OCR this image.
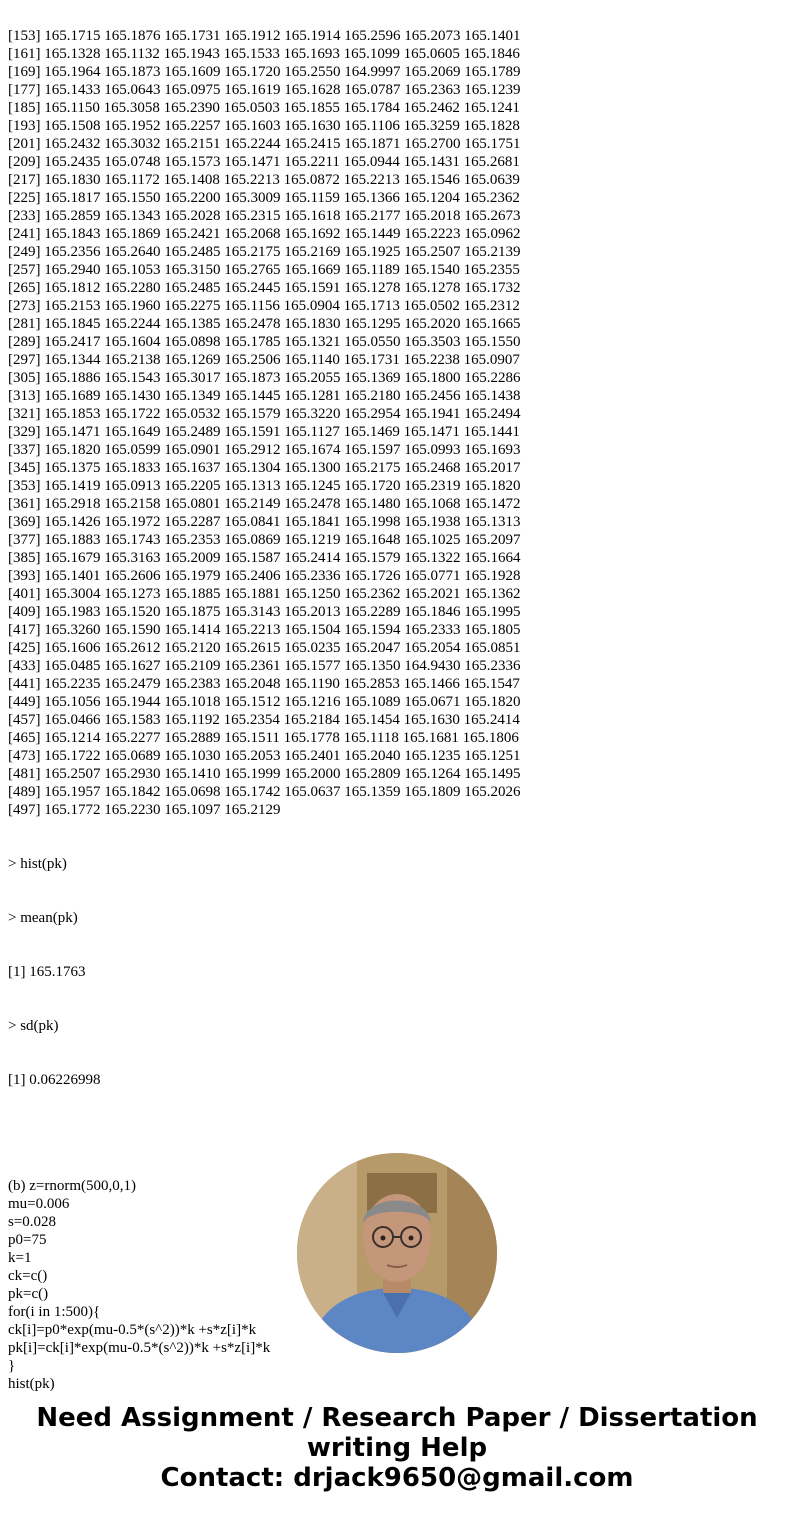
[153] 165.1715 165.1876 165.1731 165.1912 165.1914 165.2596 165.2073 165.1401
[161] 165.1328 165.1132 165.1943 165.1533 165.1693 165.1099 165.0605 165.1846
[169] 165.1964 165.1873 165.1609 165.1720 165.2550 164.9997 165.2069 165.1789
[177] 165.1433 165.0643 165.0975 165.1619 165.1628 165.0787 165.2363 165.1239
[185] 165.1150 165.3058 165.2390 165.0503 165.1855 165.1784 165.2462 165.1241
[193] 165.1508 165.1952 165.2257 165.1603 165.1630 165.1106 165.3259 165.1828
[201] 165.2432 165.3032 165.2151 165.2244 165.2415 165.1871 165.2700 165.1751
[209] 165.2435 165.0748 165.1573 165.1471 165.2211 165.0944 165.1431 165.2681
[217] 165.1830 165.1172 165.1408 165.2213 165.0872 165.2213 165.1546 165.0639
[225] 165.1817 165.1550 165.2200 165.3009 165.1159 165.1366 165.1204 165.2362
[233] 165.2859 165.1343 165.2028 165.2315 165.1618 165.2177 165.2018 165.2673
[241] 165.1843 165.1869 165.2421 165.2068 165.1692 165.1449 165.2223 165.0962
[249] 165.2356 165.2640 165.2485 165.2175 165.2169 165.1925 165.2507 165.2139
[257] 165.2940 165.1053 165.3150 165.2765 165.1669 165.1189 165.1540 165.2355
[265] 165.1812 165.2280 165.2485 165.2445 165.1591 165.1278 165.1278 165.1732
[273] 165.2153 165.1960 165.2275 165.1156 165.0904 165.1713 165.0502 165.2312
[281] 165.1845 165.2244 165.1385 165.2478 165.1830 165.1295 165.2020 165.1665
[289] 165.2417 165.1604 165.0898 165.1785 165.1321 165.0550 165.3503 165.1550
[297] 165.1344 165.2138 165.1269 165.2506 165.1140 165.1731 165.2238 165.0907
[305] 165.1886 165.1543 165.3017 165.1873 165.2055 165.1369 165.1800 165.2286
[313] 165.1689 165.1430 165.1349 165.1445 165.1281 165.2180 165.2456 165.1438
[321] 165.1853 165.1722 165.0532 165.1579 165.3220 165.2954 165.1941 165.2494
[329] 165.1471 165.1649 165.2489 165.1591 165.1127 165.1469 165.1471 165.1441
[337] 165.1820 165.0599 165.0901 165.2912 165.1674 165.1597 165.0993 165.1693
[345] 165.1375 165.1833 165.1637 165.1304 165.1300 165.2175 165.2468 165.2017
[353] 165.1419 165.0913 165.2205 165.1313 165.1245 165.1720 165.2319 165.1820
[361] 165.2918 165.2158 165.0801 165.2149 165.2478 165.1480 165.1068 165.1472
[369] 165.1426 165.1972 165.2287 165.0841 165.1841 165.1998 165.1938 165.1313
[377] 165.1883 165.1743 165.2353 165.0869 165.1219 165.1648 165.1025 165.2097
[385] 165.1679 165.3163 165.2009 165.1587 165.2414 165.1579 165.1322 165.1664
[393] 165.1401 165.2606 165.1979 165.2406 165.2336 165.1726 165.0771 165.1928
[401] 165.3004 165.1273 165.1885 165.1881 165.1250 165.2362 165.2021 165.1362
[409] 165.1983 165.1520 165.1875 165.3143 165.2013 165.2289 165.1846 165.1995
[417] 165.3260 165.1590 165.1414 165.2213 165.1504 165.1594 165.2333 165.1805
[425] 165.1606 165.2612 165.2120 165.2615 165.0235 165.2047 165.2054 165.0851
[433] 165.0485 165.1627 165.2109 165.2361 165.1577 165.1350 164.9430 165.2336
[441] 165.2235 165.2479 165.2383 165.2048 165.1190 165.2853 165.1466 165.1547
[449] 165.1056 165.1944 165.1018 165.1512 165.1216 165.1089 165.0671 165.1820
[457] 165.0466 165.1583 165.1192 165.2354 165.2184 165.1454 165.1630 165.2414
[465] 165.1214 165.2277 165.2889 165.1511 165.1778 165.1118 165.1681 165.1806
[473] 165.1722 165.0689 165.1030 165.2053 165.2401 165.2040 165.1235 165.1251
[481] 165.2507 165.2930 165.1410 165.1999 165.2000 165.2809 165.1264 165.1495
[489] 165.1957 165.1842 165.0698 165.1742 165.0637 165.1359 165.1809 165.2026
[497] 165.1772 165.2230 165.1097 165.2129

> hist(pk)

> mean(pk)

[1] 165.1763

> sd(pk)

[1] 0.06226998

(b) z=rnorm(500,0,1)
mu=0.006
s=0.028
p0=75
k=1
ck=c()
pk=c()
for(i in 1:500){
ck[i]=p0*exp(mu-0.5*(s^2))*k +s*z[i]*k
pk[i]=ck[i]*exp(mu-0.5*(s^2))*k +s*z[i]*k
}
hist(pk)

Need Assignment / Research Paper / Dissertation
writing Help
Contact: drjack9650@gmail.com
